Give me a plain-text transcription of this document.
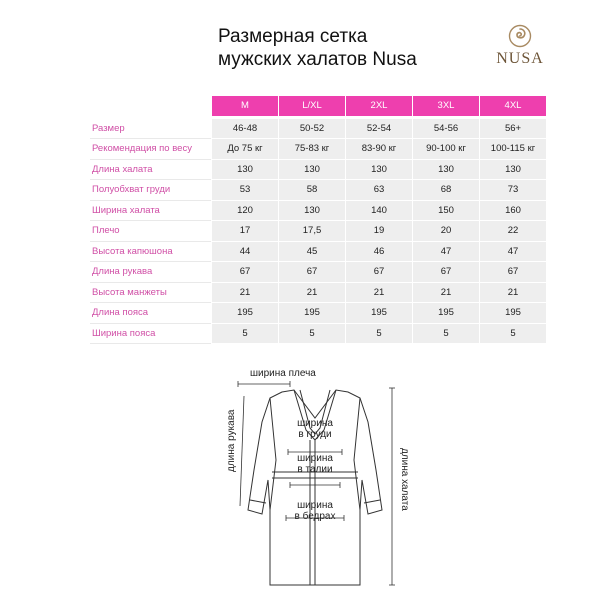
Размерная сетка
мужских халатов Nusa	NUSA
	M	L/XL	2XL	3XL	4XL
Размер	46-48	50-52	52-54	54-56	56+
Рекомендация по весу	До 75 кг	75-83 кг	83-90 кг	90-100 кг	100-115 кг
Длина халата	130	130	130	130	130
Полуобхват груди	53	58	63	68	73
Ширина халата	120	130	140	150	160
Плечо	17	17,5	19	20	22
Высота капюшона	44	45	46	47	47
Длина рукава	67	67	67	67	67
Высота манжеты	21	21	21	21	21
Длина пояса	195	195	195	195	195
Ширина пояса	5	5	5	5	5
ширина плеча
ширина
в груди
ширина
в талии
ширина
в бедрах
длина рукава
длина халата
